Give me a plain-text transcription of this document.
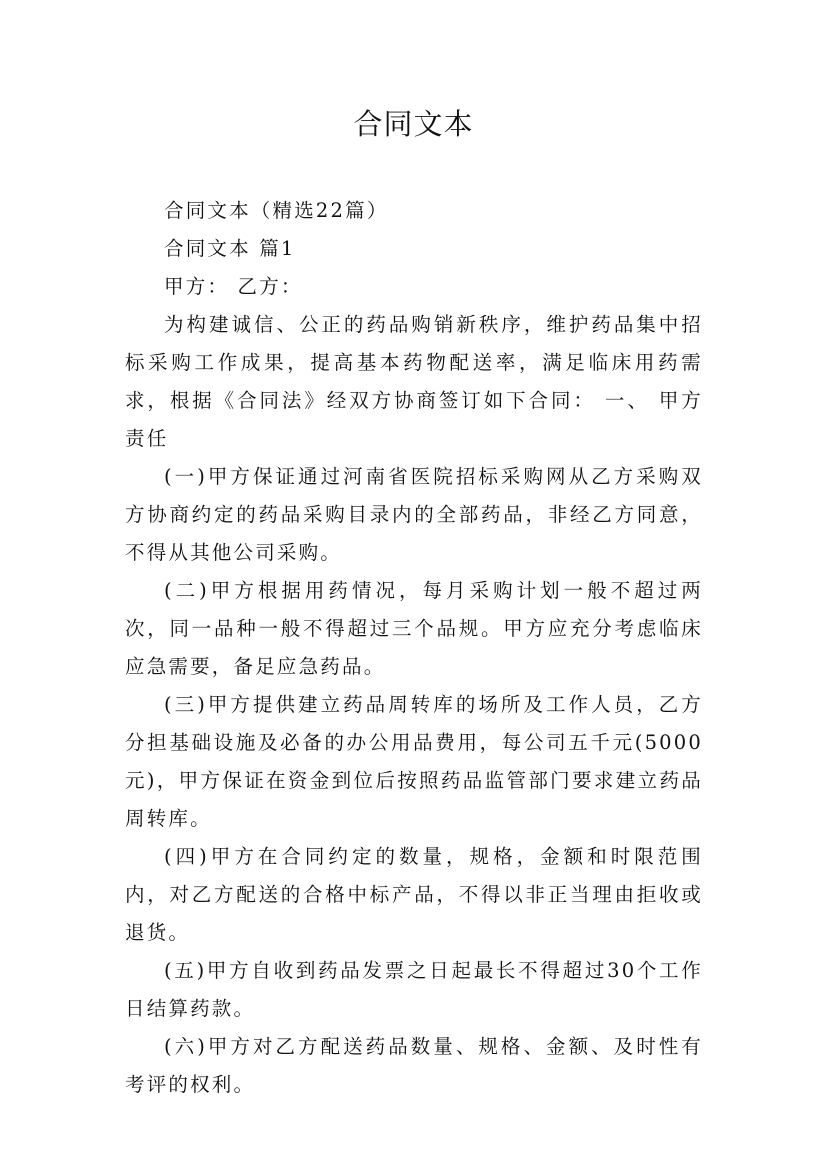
合同文本

合同文本（精选22篇）

合同文本 篇1

甲方： 乙方：

为构建诚信、公正的药品购销新秩序，维护药品集中招标采购工作成果，提高基本药物配送率，满足临床用药需求，根据《合同法》经双方协商签订如下合同： 一、 甲方责任

(一)甲方保证通过河南省医院招标采购网从乙方采购双方协商约定的药品采购目录内的全部药品，非经乙方同意，不得从其他公司采购。

(二)甲方根据用药情况，每月采购计划一般不超过两次，同一品种一般不得超过三个品规。甲方应充分考虑临床应急需要，备足应急药品。

(三)甲方提供建立药品周转库的场所及工作人员，乙方分担基础设施及必备的办公用品费用，每公司五千元(5000元)，甲方保证在资金到位后按照药品监管部门要求建立药品周转库。

(四)甲方在合同约定的数量，规格，金额和时限范围内，对乙方配送的合格中标产品，不得以非正当理由拒收或退货。

(五)甲方自收到药品发票之日起最长不得超过30个工作日结算药款。

(六)甲方对乙方配送药品数量、规格、金额、及时性有考评的权利。
